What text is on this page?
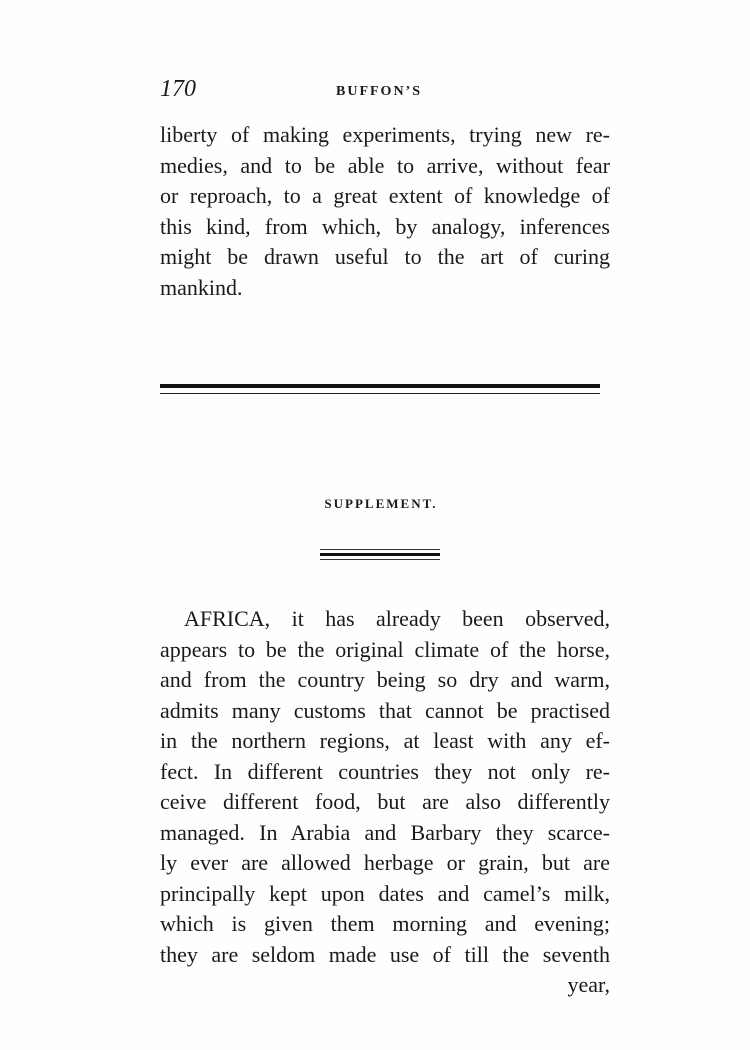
170	BUFFON’S
liberty of making experiments, trying new re-
medies, and to be able to arrive, without fear
or reproach, to a great extent of knowledge of
this kind, from which, by analogy, inferences
might be drawn useful to the art of curing
mankind.
SUPPLEMENT.
AFRICA, it has already been observed,
appears to be the original climate of the horse,
and from the country being so dry and warm,
admits many customs that cannot be practised
in the northern regions, at least with any ef-
fect. In different countries they not only re-
ceive different food, but are also differently
managed. In Arabia and Barbary they scarce-
ly ever are allowed herbage or grain, but are
principally kept upon dates and camel’s milk,
which is given them morning and evening;
they are seldom made use of till the seventh
year,
